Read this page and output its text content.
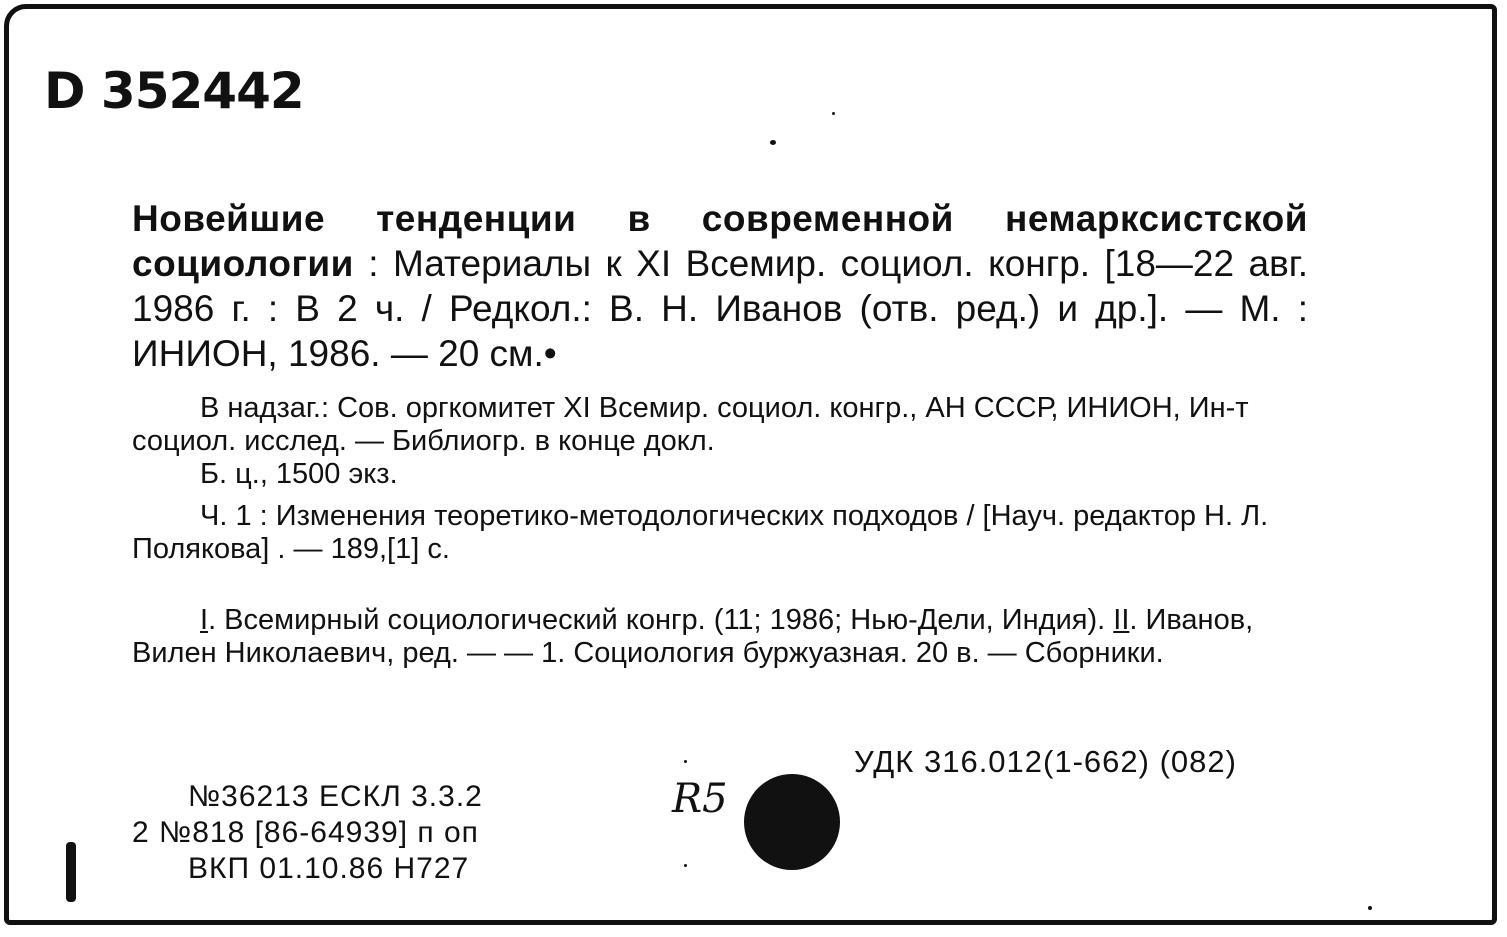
D 352442
Новейшие тенденции в современной немарксистской социологии : Материалы к XI Всемир. социол. конгр. [18—22 авг. 1986 г. : В 2 ч. / Редкол.: В. Н. Иванов (отв. ред.) и др.]. — М. : ИНИОН, 1986. — 20 см.•
В надзаг.: Сов. оргкомитет XI Всемир. социол. конгр., АН СССР, ИНИОН, Ин-т социол. исслед. — Библиогр. в конце докл.
Б. ц., 1500 экз.
Ч. 1 : Изменения теоретико-методологических подходов / [Науч. редактор Н. Л. Полякова] . — 189,[1] с.
I. Всемирный социологический конгр. (11; 1986; Нью-Дели, Индия). II. Иванов, Вилен Николаевич, ред. — — 1. Социология буржуазная. 20 в. — Сборники.
УДК 316.012(1-662) (082)
№36213 ЕСКЛ 3.3.2
2 №818 [86-64939] п оп
ВКП 01.10.86 Н727
R5
